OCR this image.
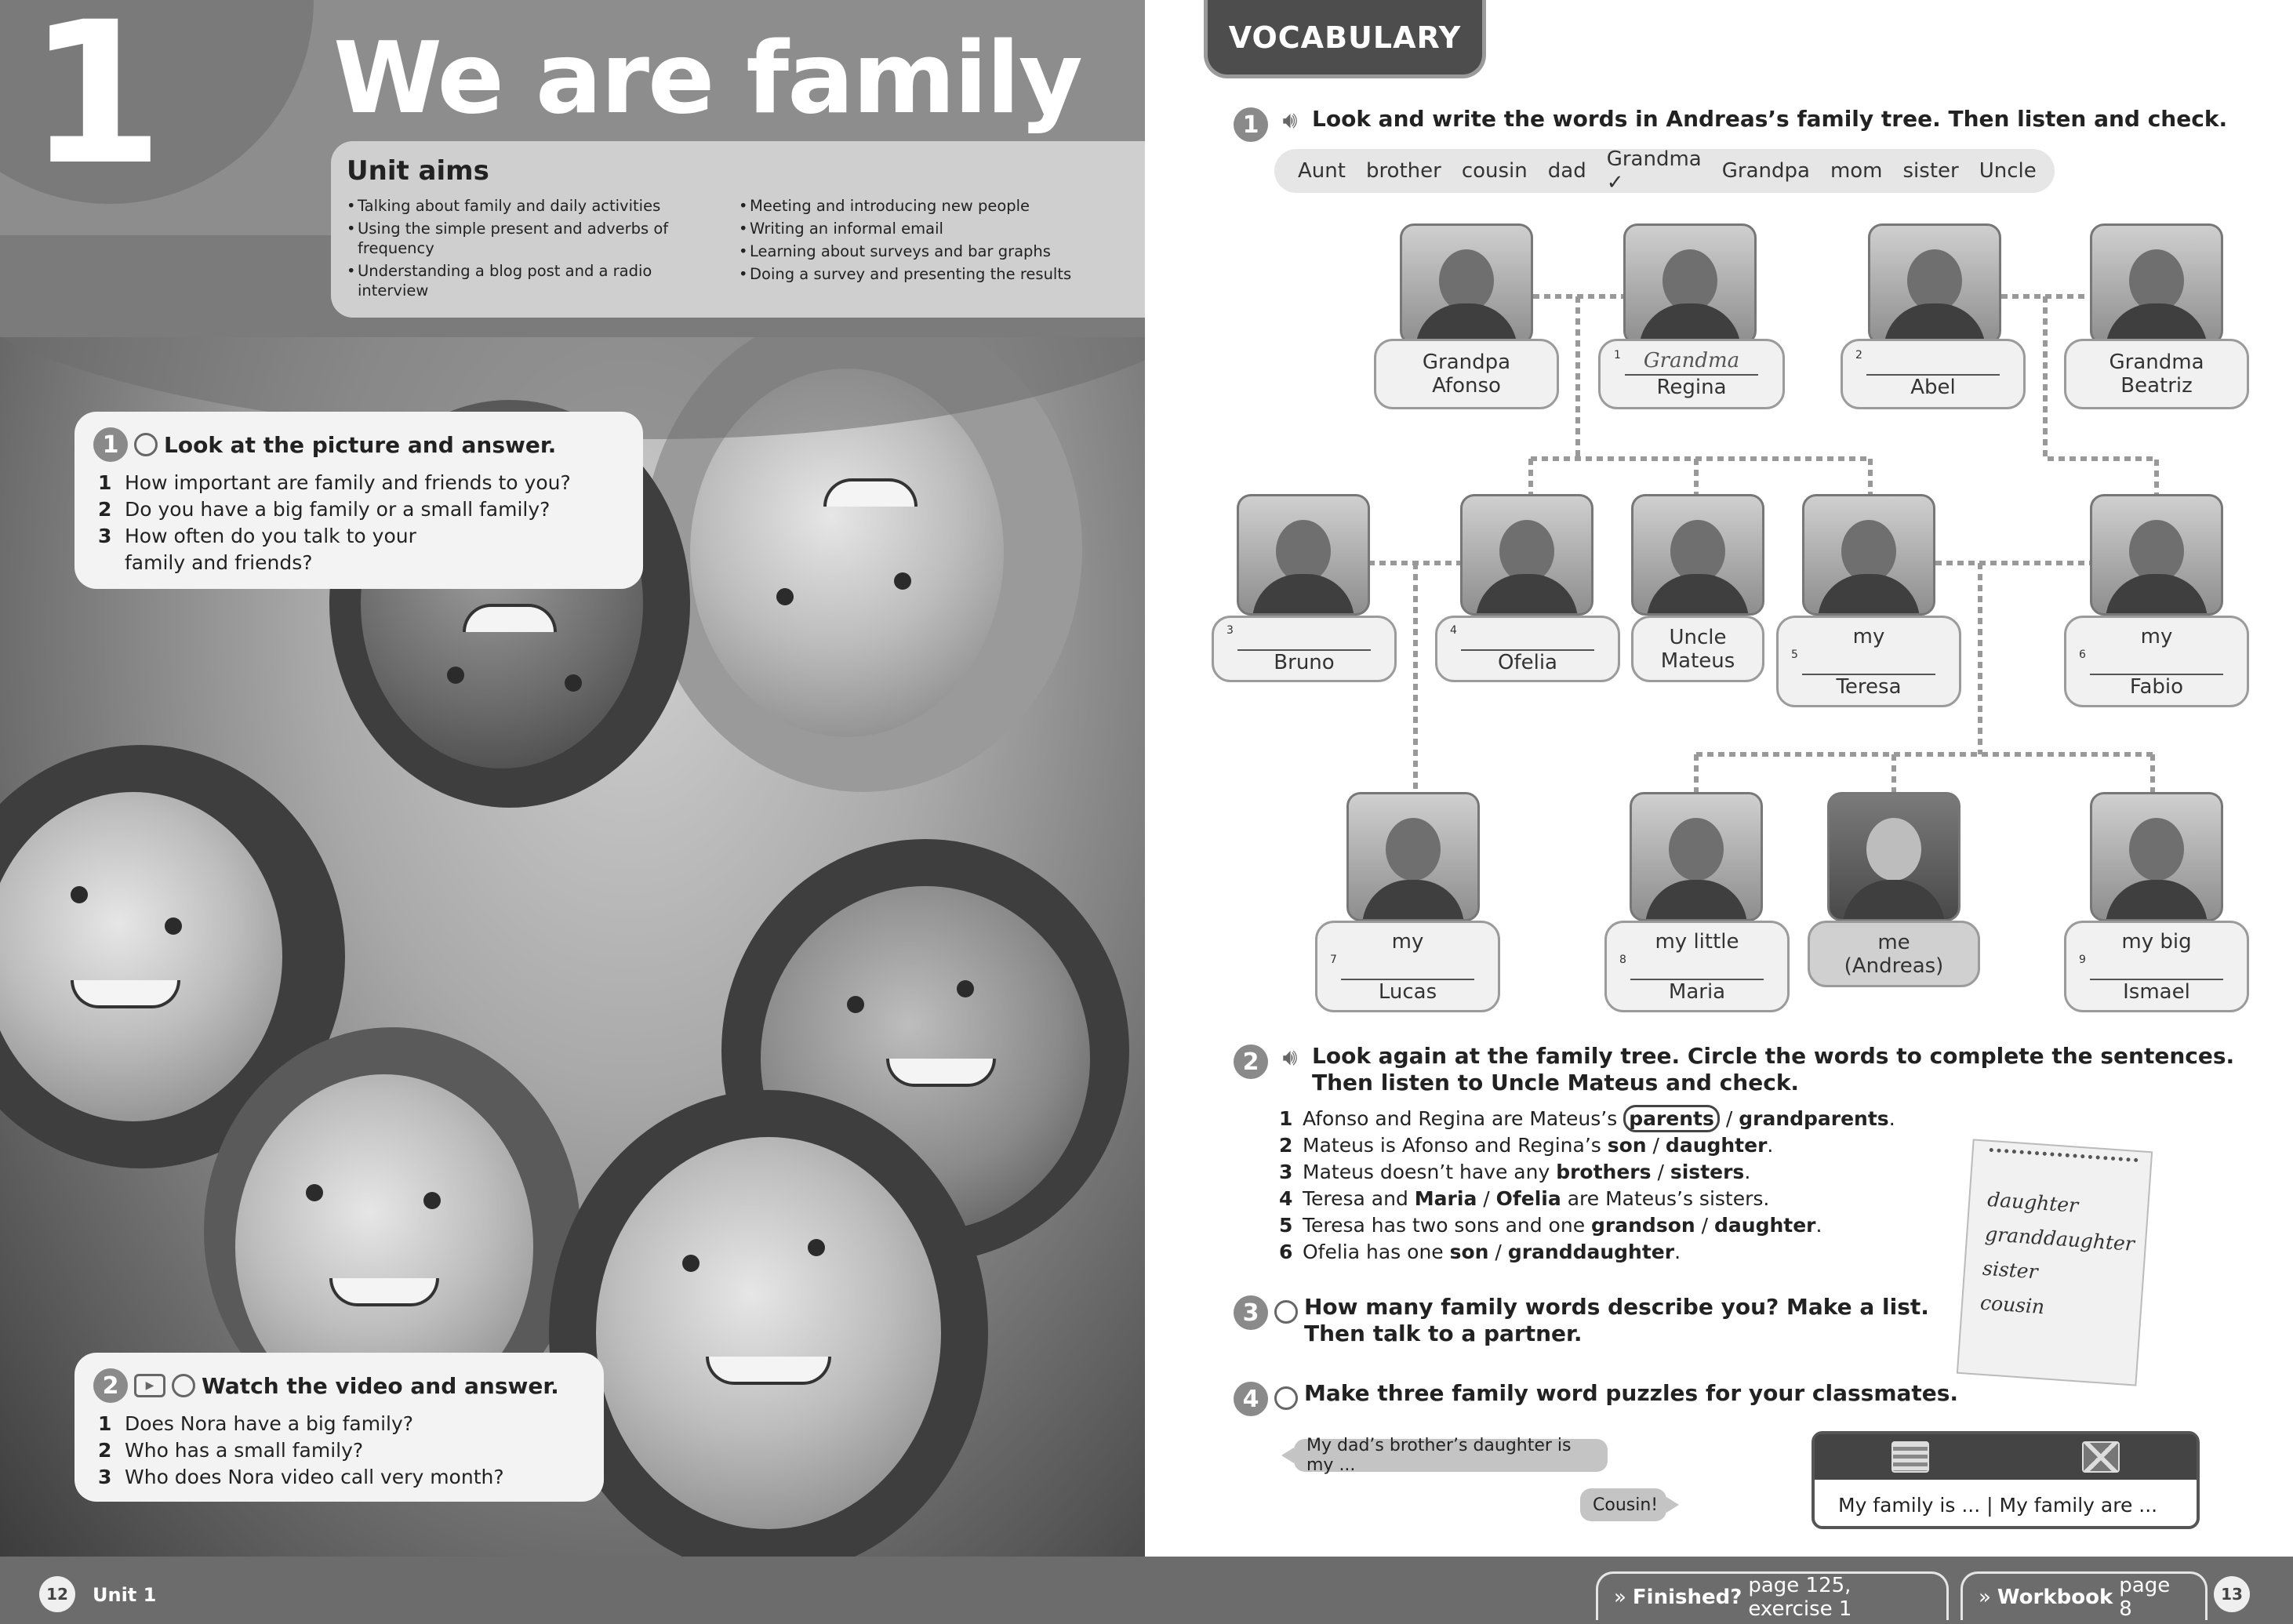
1 We are family
Unit aims
• Talking about family and daily activities
• Using the simple present and adverbs of frequency
• Understanding a blog post and a radio interview
• Meeting and introducing new people
• Writing an informal email
• Learning about surveys and bar graphs
• Doing a survey and presenting the results
1	Look at the picture and answer.
1 How important are family and friends to you?
2 Do you have a big family or a small family?
3 How often do you talk to your family and friends?
2	▶	Watch the video and answer.
1 Does Nora have a big family?
2 Who has a small family?
3 Who does Nora video call very month?
VOCABULARY
1	🔊︎ Look and write the words in Andreas’s family tree. Then listen and check.
Aunt brother cousin dad Grandma ✓	Grandpa mom sister Uncle
Grandpa
Afonso
1 Grandma
Regina
2
Abel
Grandma
Beatriz
3
Bruno
4
Ofelia
Uncle
Mateus
my
5
Teresa
my
6
Fabio
my
7
Lucas
my little
8
Maria
me
(Andreas)
my big
9
Ismael
2	🔊︎ Look again at the family tree. Circle the words to complete the sentences.
Then listen to Uncle Mateus and check.
1 Afonso and Regina are Mateus’s parents / grandparents.
2 Mateus is Afonso and Regina’s son / daughter.
3 Mateus doesn’t have any brothers / sisters.
4 Teresa and Maria / Ofelia are Mateus’s sisters.
5 Teresa has two sons and one grandson / daughter.
6 Ofelia has one son / granddaughter.
daughter
granddaughter
sister
cousin
3	How many family words describe you? Make a list.
Then talk to a partner.
4	Make three family word puzzles for your classmates.
My dad’s brother’s daughter is my ...
Cousin!	My family is ... | My family are ...
12	Unit 1	» Finished? page 125, exercise 1	» Workbook page 8
13
